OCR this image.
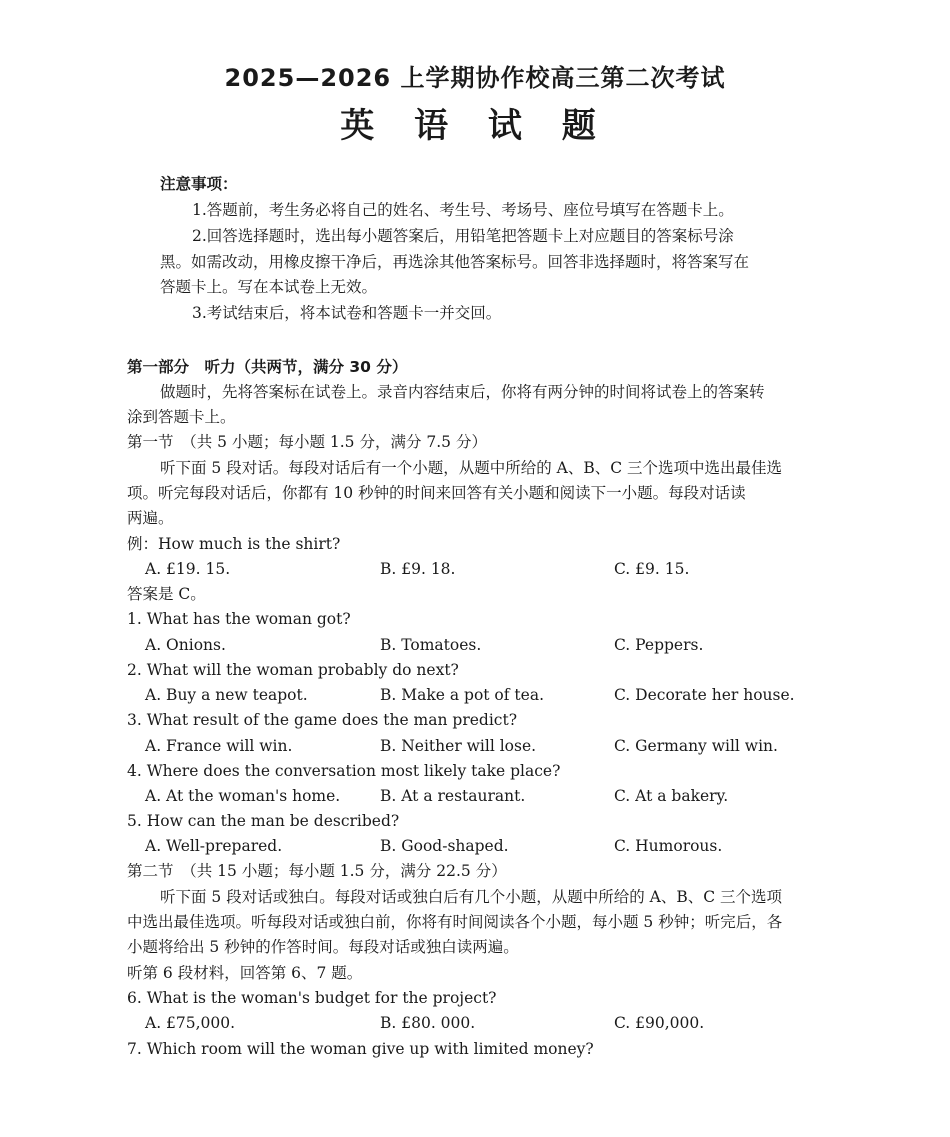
2025—2026 上学期协作校高三第二次考试
英 语 试 题
注意事项：
1.答题前，考生务必将自己的姓名、考生号、考场号、座位号填写在答题卡上。
2.回答选择题时，选出每小题答案后，用铅笔把答题卡上对应题目的答案标号涂
黑。如需改动，用橡皮擦干净后，再选涂其他答案标号。回答非选择题时，将答案写在
答题卡上。写在本试卷上无效。
3.考试结束后，将本试卷和答题卡一并交回。
第一部分　听力（共两节，满分 30 分）
做题时，先将答案标在试卷上。录音内容结束后，你将有两分钟的时间将试卷上的答案转
涂到答题卡上。
第一节　（共 5 小题；每小题 1.5 分，满分 7.5 分）
听下面 5 段对话。每段对话后有一个小题，从题中所给的 A、B、C 三个选项中选出最佳选
项。听完每段对话后，你都有 10 秒钟的时间来回答有关小题和阅读下一小题。每段对话读
两遍。
例：How much is the shirt?
A. £19. 15.	B. £9. 18.	C. £9. 15.
答案是 C。
1. What has the woman got?
A. Onions.	B. Tomatoes.	C. Peppers.
2. What will the woman probably do next?
A. Buy a new teapot.	B. Make a pot of tea.	C. Decorate her house.
3. What result of the game does the man predict?
A. France will win.	B. Neither will lose.	C. Germany will win.
4. Where does the conversation most likely take place?
A. At the woman's home.	B. At a restaurant.	C. At a bakery.
5. How can the man be described?
A. Well-prepared.	B. Good-shaped.	C. Humorous.
第二节　（共 15 小题；每小题 1.5 分，满分 22.5 分）
听下面 5 段对话或独白。每段对话或独白后有几个小题，从题中所给的 A、B、C 三个选项
中选出最佳选项。听每段对话或独白前，你将有时间阅读各个小题，每小题 5 秒钟；听完后，各
小题将给出 5 秒钟的作答时间。每段对话或独白读两遍。
听第 6 段材料，回答第 6、7 题。
6. What is the woman's budget for the project?
A. £75,000.	B. £80. 000.	C. £90,000.
7. Which room will the woman give up with limited money?
